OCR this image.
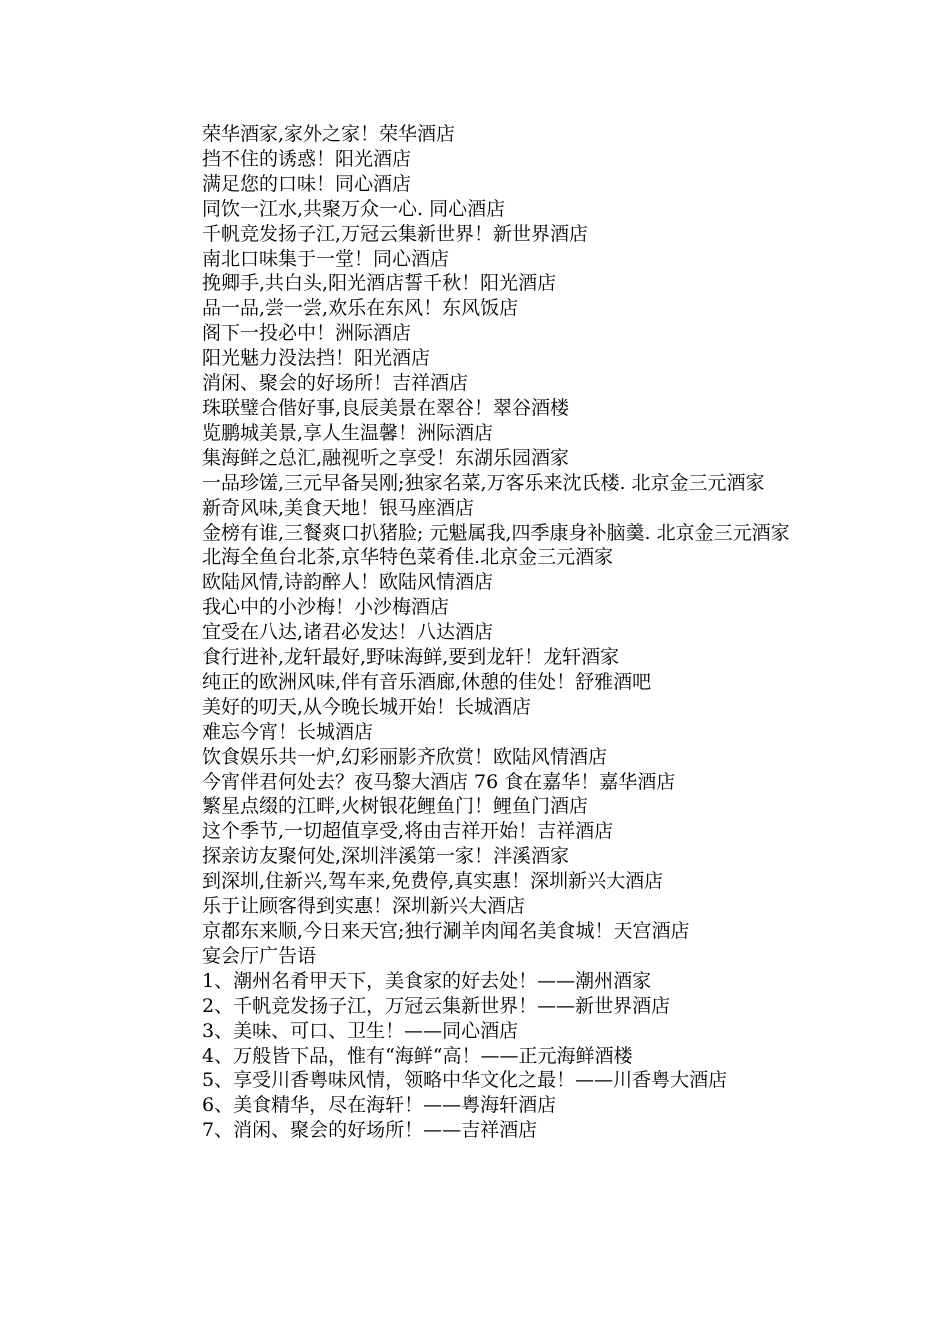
荣华酒家,家外之家！荣华酒店

挡不住的诱惑！阳光酒店

满足您的口味！同心酒店

同饮一江水,共聚万众一心. 同心酒店

千帆竞发扬子江,万冠云集新世界！新世界酒店

南北口味集于一堂！同心酒店

挽卿手,共白头,阳光酒店誓千秋！阳光酒店

品一品,尝一尝,欢乐在东风！东风饭店

阁下一投必中！洲际酒店

阳光魅力没法挡！阳光酒店

消闲、聚会的好场所！吉祥酒店

珠联璧合偕好事,良辰美景在翠谷！翠谷酒楼

览鹏城美景,享人生温馨！洲际酒店

集海鲜之总汇,融视听之享受！东湖乐园酒家

一品珍馐,三元早备吴刚;独家名菜,万客乐来沈氏楼. 北京金三元酒家

新奇风味,美食天地！银马座酒店

金榜有谁,三餐爽口扒猪脸; 元魁属我,四季康身补脑羹. 北京金三元酒家

北海全鱼台北茶,京华特色菜肴佳.北京金三元酒家

欧陆风情,诗韵醉人！欧陆风情酒店

我心中的小沙梅！小沙梅酒店

宜受在八达,诸君必发达！八达酒店

食行进补,龙轩最好,野味海鲜,要到龙轩！龙轩酒家

纯正的欧洲风味,伴有音乐酒廊,休憩的佳处！舒雅酒吧

美好的叨天,从今晚长城开始！长城酒店

难忘今宵！长城酒店

饮食娱乐共一炉,幻彩丽影齐欣赏！欧陆风情酒店

今宵伴君何处去？夜马黎大酒店 76 食在嘉华！嘉华酒店

繁星点缀的江畔,火树银花鲤鱼门！鲤鱼门酒店

这个季节,一切超值享受,将由吉祥开始！吉祥酒店

探亲访友聚何处,深圳泮溪第一家！泮溪酒家

到深圳,住新兴,驾车来,免费停,真实惠！深圳新兴大酒店

乐于让顾客得到实惠！深圳新兴大酒店

京都东来顺,今日来天宫;独行涮羊肉闻名美食城！天宫酒店

宴会厅广告语

1、潮州名肴甲天下，美食家的好去处！——潮州酒家

2、千帆竞发扬子江，万冠云集新世界！——新世界酒店

3、美味、可口、卫生！——同心酒店

4、万般皆下品，惟有“海鲜“高！——正元海鲜酒楼

5、享受川香粤味风情，领略中华文化之最！——川香粤大酒店

6、美食精华，尽在海轩！——粤海轩酒店

7、消闲、聚会的好场所！——吉祥酒店
